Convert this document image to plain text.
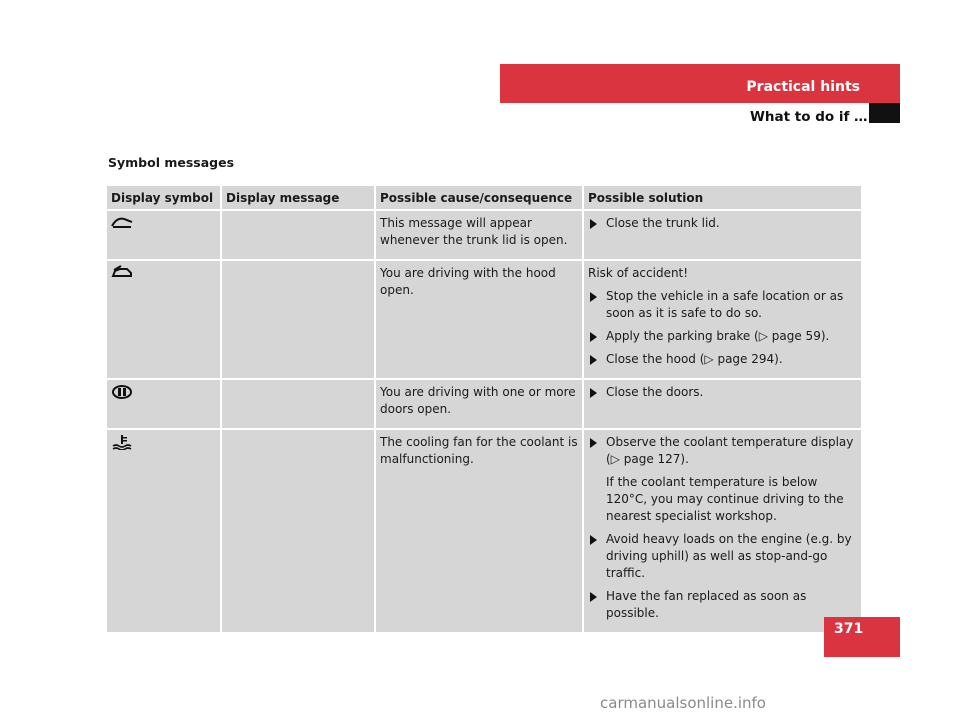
Practical hints
What to do if …
Symbol messages
Display symbol	Display message	Possible cause/consequence	Possible solution
		This message will appear whenever the trunk lid is open.	Close the trunk lid.

		You are driving with the hood open.	Risk of accident!
Stop the vehicle in a safe location or as soon as it is safe to do so.
Apply the parking brake (▷ page 59).
Close the hood (▷ page 294).

		You are driving with one or more doors open.	Close the doors.

		The cooling fan for the coolant is malfunctioning.	Observe the coolant temperature display (▷ page 127).
If the coolant temperature is below 120°C, you may continue driving to the nearest specialist workshop.
Avoid heavy loads on the engine (e.g. by driving uphill) as well as stop-and-go traffic.
Have the fan replaced as soon as possible.
371
carmanualsonline.info
